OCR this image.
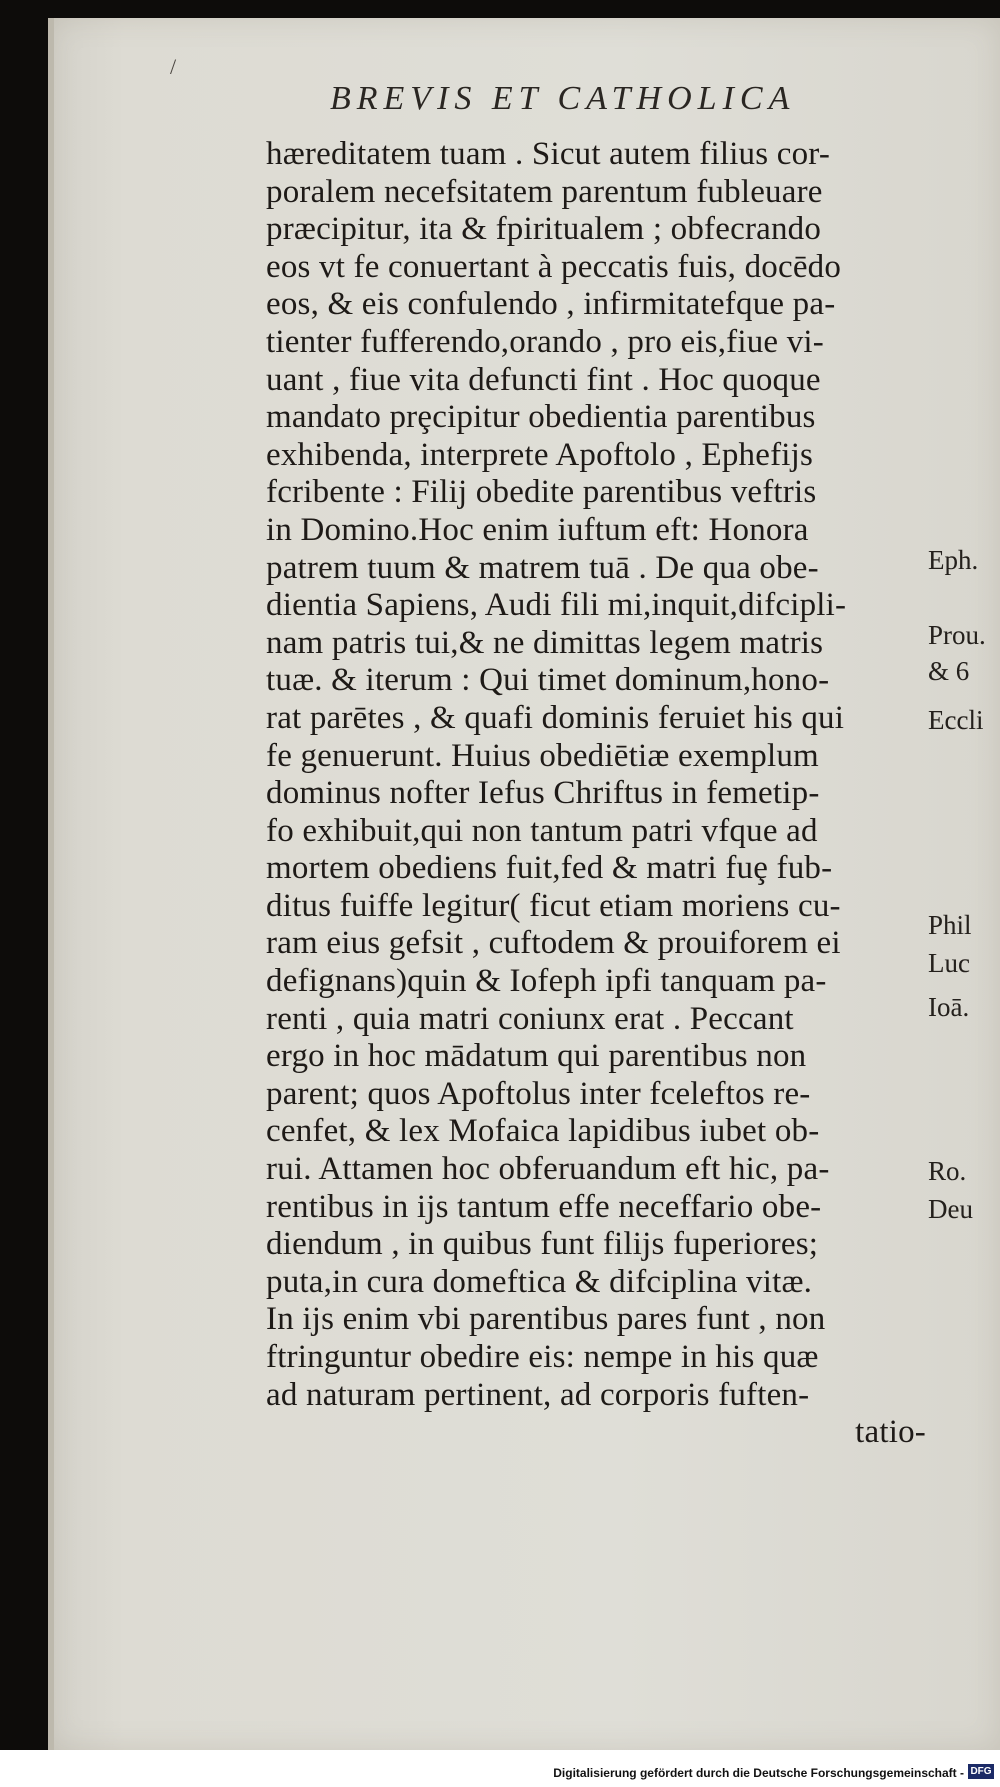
/
BREVIS ET CATHOLICA
hæreditatem tuam . Sicut autem filius cor-
poralem necefsitatem parentum fubleuare
præcipitur, ita & fpiritualem ; obfecrando
eos vt fe conuertant à peccatis fuis, docēdo
eos, & eis confulendo , infirmitatefque pa-
tienter fufferendo,orando , pro eis,fiue vi-
uant , fiue vita defuncti fint . Hoc quoque
mandato prȩcipitur obedientia parentibus
exhibenda, interprete Apoftolo , Ephefijs
fcribente : Filij obedite parentibus veftris
in Domino.Hoc enim iuftum eft: Honora
patrem tuum & matrem tuā . De qua obe-
dientia Sapiens, Audi fili mi,inquit,difcipli-
nam patris tui,& ne dimittas legem matris
tuæ. & iterum : Qui timet dominum,hono-
rat parētes , & quafi dominis feruiet his qui
fe genuerunt. Huius obediētiæ exemplum
dominus nofter Iefus Chriftus in femetip-
fo exhibuit,qui non tantum patri vfque ad
mortem obediens fuit,fed & matri fuȩ fub-
ditus fuiffe legitur( ficut etiam moriens cu-
ram eius gefsit , cuftodem & prouiforem ei
defignans)quin & Iofeph ipfi tanquam pa-
renti , quia matri coniunx erat . Peccant
ergo in hoc mādatum qui parentibus non
parent; quos Apoftolus inter fceleftos re-
cenfet, & lex Mofaica lapidibus iubet ob-
rui. Attamen hoc obferuandum eft hic, pa-
rentibus in ijs tantum effe neceffario obe-
diendum , in quibus funt filijs fuperiores;
puta,in cura domeftica & difciplina vitæ.
In ijs enim vbi parentibus pares funt , non
ftringuntur obedire eis: nempe in his quæ
ad naturam pertinent, ad corporis fuften-
tatio-
Eph.
Prou.
& 6
Eccli
Phil
Luc
Ioā.
Ro.
Deu
Digitalisierung gefördert durch die Deutsche Forschungsgemeinschaft - DFG
